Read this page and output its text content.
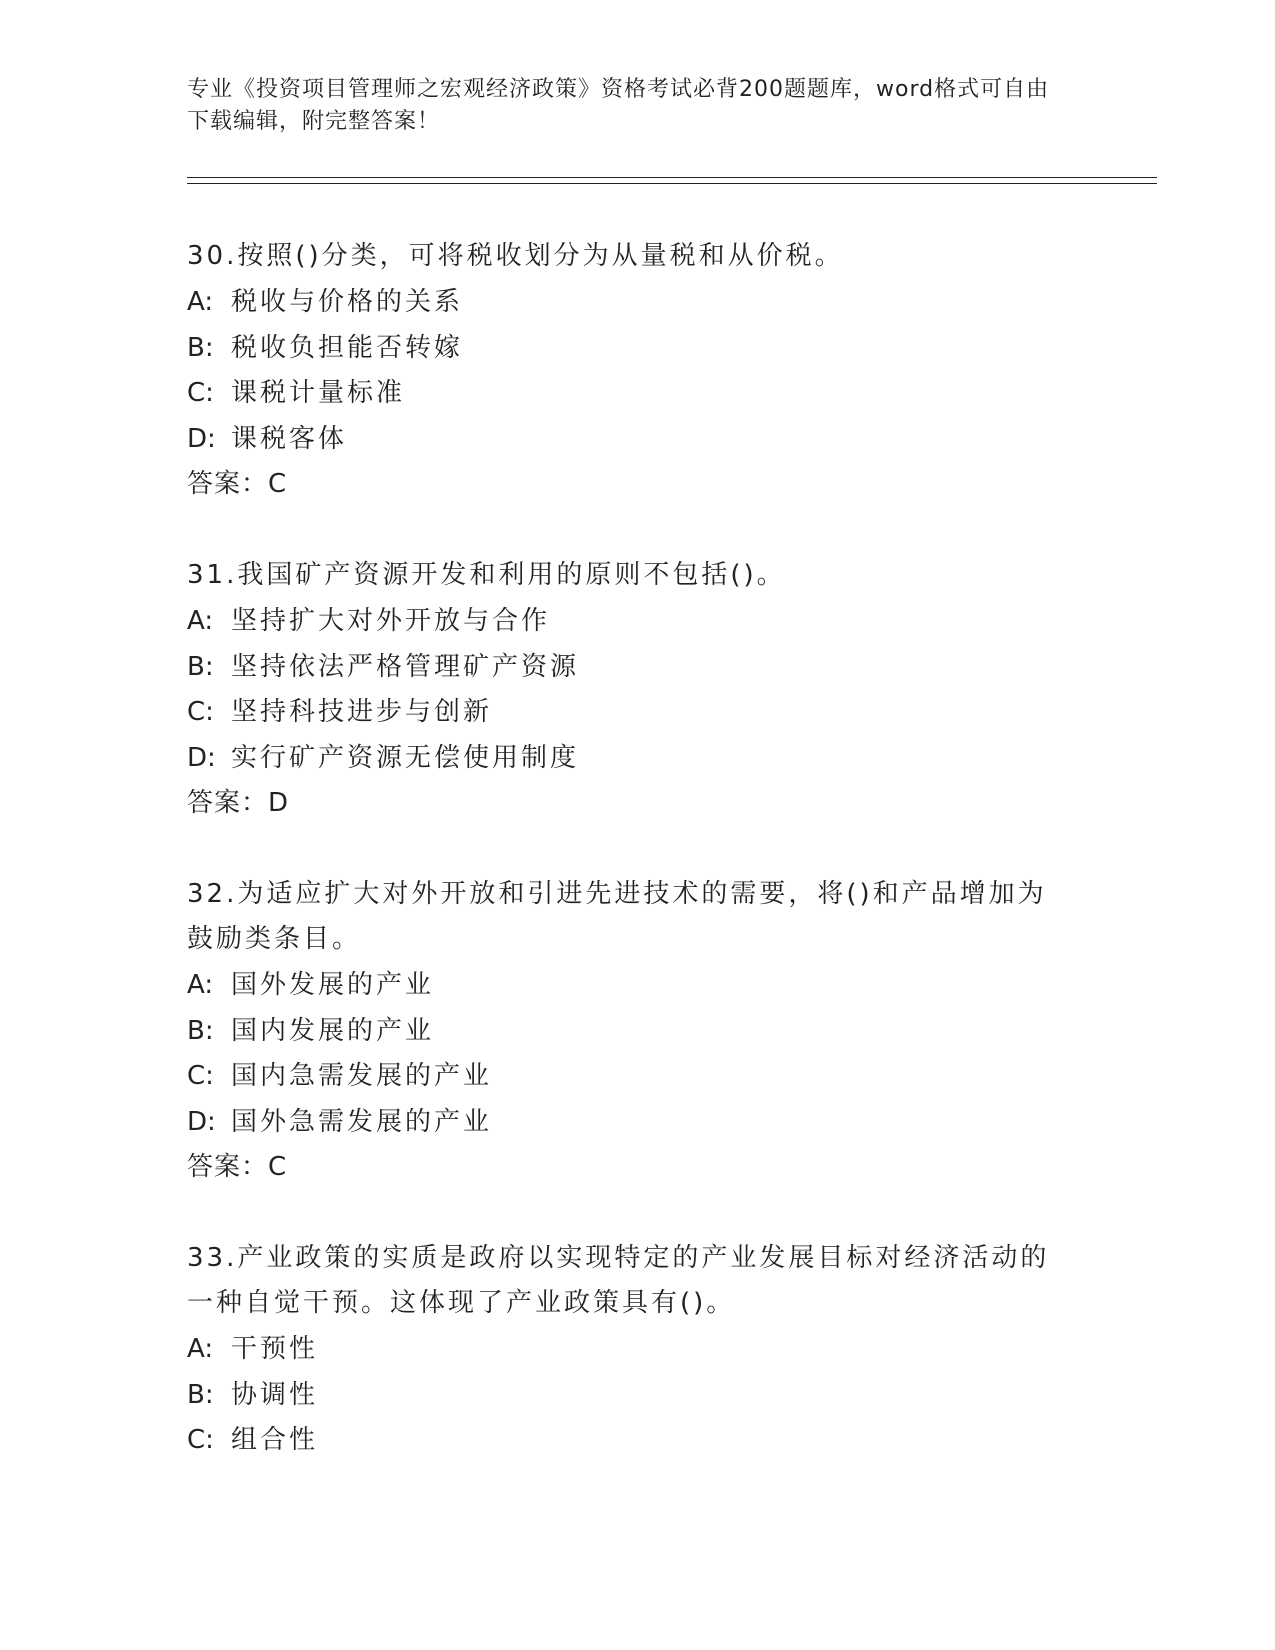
专业《投资项目管理师之宏观经济政策》资格考试必背200题题库，word格式可自由下载编辑，附完整答案！
30.按照()分类，可将税收划分为从量税和从价税。
A: 税收与价格的关系
B: 税收负担能否转嫁
C: 课税计量标准
D: 课税客体
答案：C
31.我国矿产资源开发和利用的原则不包括()。
A: 坚持扩大对外开放与合作
B: 坚持依法严格管理矿产资源
C: 坚持科技进步与创新
D: 实行矿产资源无偿使用制度
答案：D
32.为适应扩大对外开放和引进先进技术的需要，将()和产品增加为鼓励类条目。
A: 国外发展的产业
B: 国内发展的产业
C: 国内急需发展的产业
D: 国外急需发展的产业
答案：C
33.产业政策的实质是政府以实现特定的产业发展目标对经济活动的一种自觉干预。这体现了产业政策具有()。
A: 干预性
B: 协调性
C: 组合性
